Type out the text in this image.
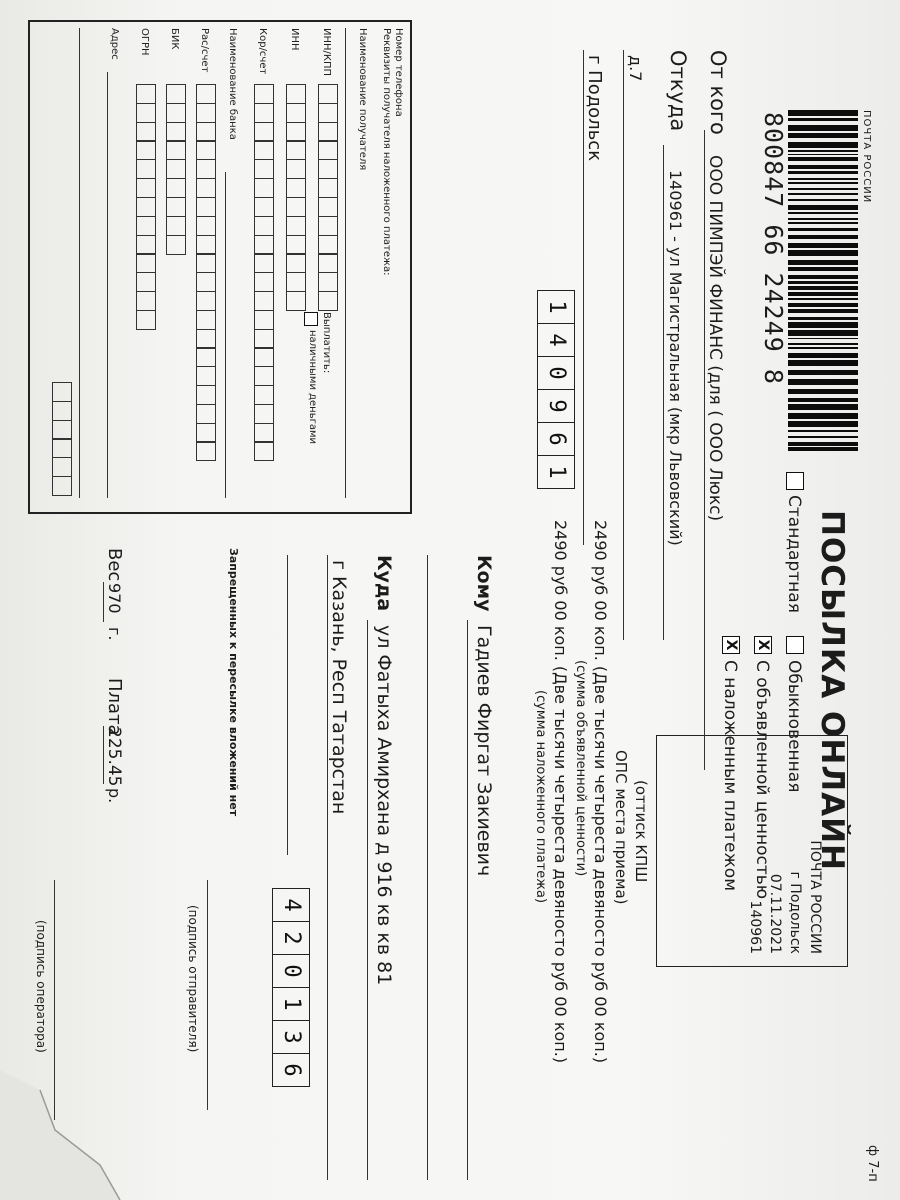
ф 7-п
ПОЧТА РОССИИ
800847 66 24249 8
ПОСЫЛКА ОНЛАЙН
Стандартная
Обыкновенная
X
С объявленной ценностью
X
С наложенным платежом
ПОЧТА РОССИИ
г Подольск
07.11.2021
140961
(оттиск КПШ
ОПС места приема)
2490 руб 00 коп. (Две тысячи четыреста девяносто руб 00 коп.)
(сумма объявленной ценности)
2490 руб 00 коп. (Две тысячи четыреста девяносто руб 00 коп.)
(сумма наложенного платежа)
От кого
ООО ПИМПЭЙ ФИНАНС (для ( ООО Люкс)
Откуда
140961 - ул Магистральная (мкр Львовский)
д.7
г Подольск
1
4
0
9
6
1
Кому
Гадиев Фиргат Закиевич
Куда
ул Фатыха Амирхана д 916 кв кв 81
г Казань, Респ Татарстан
4
2
0
1
3
6
Номер телефона
Реквизиты получателя наложенного платежа:
Наименование получателя
ИНН/КПП
ИНН
Кор/счет
Наименование банка
Рас/счет
БИК
ОГРН
Адрес
Выплатить:
наличными деньгами
Запрещенных к пересылке вложений нет
(подпись отправителя)
Вес
970
г.
Плата
225.45
р.
(подпись оператора)
